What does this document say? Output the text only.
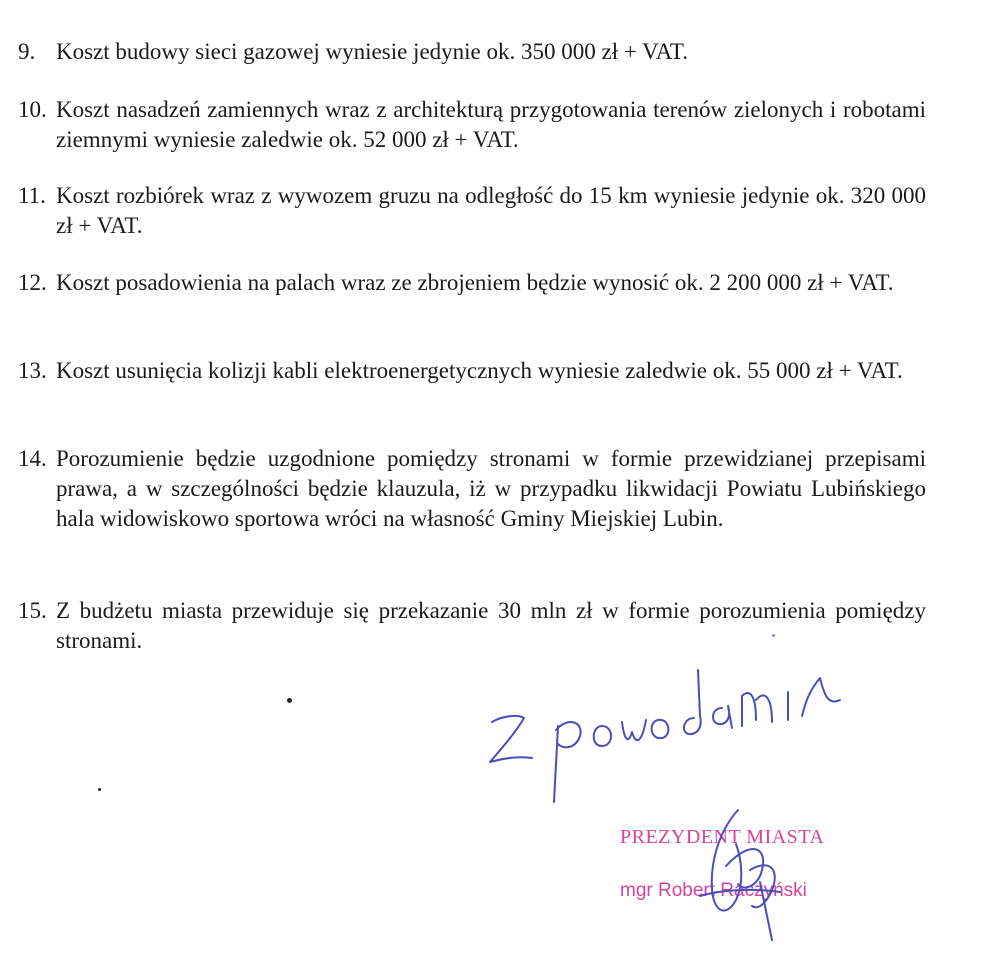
9. Koszt budowy sieci gazowej wyniesie jedynie ok. 350 000 zł + VAT.
10. Koszt nasadzeń zamiennych wraz z architekturą przygotowania terenów zielonych i robotami ziemnymi wyniesie zaledwie ok. 52 000 zł + VAT.
11. Koszt rozbiórek wraz z wywozem gruzu na odległość do 15 km wyniesie jedynie ok. 320 000 zł + VAT.
12. Koszt posadowienia na palach wraz ze zbrojeniem będzie wynosić ok. 2 200 000 zł + VAT.
13. Koszt usunięcia kolizji kabli elektroenergetycznych wyniesie zaledwie ok. 55 000 zł + VAT.
14. Porozumienie będzie uzgodnione pomiędzy stronami w formie przewidzianej przepisami prawa, a w szczególności będzie klauzula, iż w przypadku likwidacji Powiatu Lubińskiego hala widowiskowo sportowa wróci na własność Gminy Miejskiej Lubin.
15. Z budżetu miasta przewiduje się przekazanie 30 mln zł w formie porozumienia pomiędzy stronami.
PREZYDENT MIASTA
mgr Robert Raczyński
